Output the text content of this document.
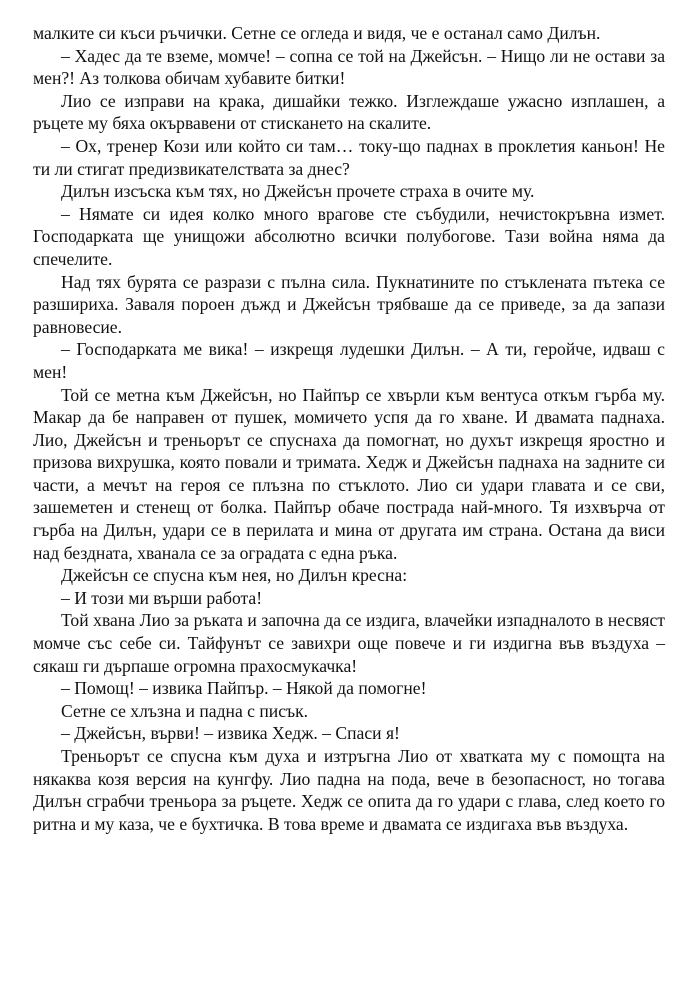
малките си къси ръчички. Сетне се огледа и видя, че е останал само Дилън.

– Хадес да те вземе, момче! – сопна се той на Джейсън. – Нищо ли не остави за мен?! Аз толкова обичам хубавите битки!

Лио се изправи на крака, дишайки тежко. Изглеждаше ужасно изплашен, а ръцете му бяха окървавени от стискането на скалите.

– Ох, тренер Кози или който си там… току-що паднах в проклетия каньон! Не ти ли стигат предизвикателствата за днес?

Дилън изсъска към тях, но Джейсън прочете страха в очите му.

– Нямате си идея колко много врагове сте събудили, нечистокръвна измет. Господарката ще унищожи абсолютно всички полубогове. Тази война няма да спечелите.

Над тях бурята се разрази с пълна сила. Пукнатините по стъклената пътека се разшириха. Заваля пороен дъжд и Джейсън трябваше да се приведе, за да запази равновесие.

– Господарката ме вика! – изкрещя лудешки Дилън. – А ти, геройче, идваш с мен!

Той се метна към Джейсън, но Пайпър се хвърли към вентуса откъм гърба му. Макар да бе направен от пушек, момичето успя да го хване. И двамата паднаха. Лио, Джейсън и треньорът се спуснаха да помогнат, но духът изкрещя яростно и призова вихрушка, която повали и тримата. Хедж и Джейсън паднаха на задните си части, а мечът на героя се плъзна по стъклото. Лио си удари главата и се сви, зашеметен и стенещ от болка. Пайпър обаче пострада най-много. Тя изхвърча от гърба на Дилън, удари се в перилата и мина от другата им страна. Остана да виси над бездната, хванала се за оградата с една ръка.

Джейсън се спусна към нея, но Дилън кресна:

– И този ми върши работа!

Той хвана Лио за ръката и започна да се издига, влачейки изпадналото в несвяст момче със себе си. Тайфунът се завихри още повече и ги издигна във въздуха – сякаш ги дърпаше огромна прахосмукачка!

– Помощ! – извика Пайпър. – Някой да помогне!

Сетне се хлъзна и падна с писък.

– Джейсън, върви! – извика Хедж. – Спаси я!

Треньорът се спусна към духа и изтръгна Лио от хватката му с помощта на някаква козя версия на кунгфу. Лио падна на пода, вече в безопасност, но тогава Дилън сграбчи треньора за ръцете. Хедж се опита да го удари с глава, след което го ритна и му каза, че е бухтичка. В това време и двамата се издигаха във въздуха.
